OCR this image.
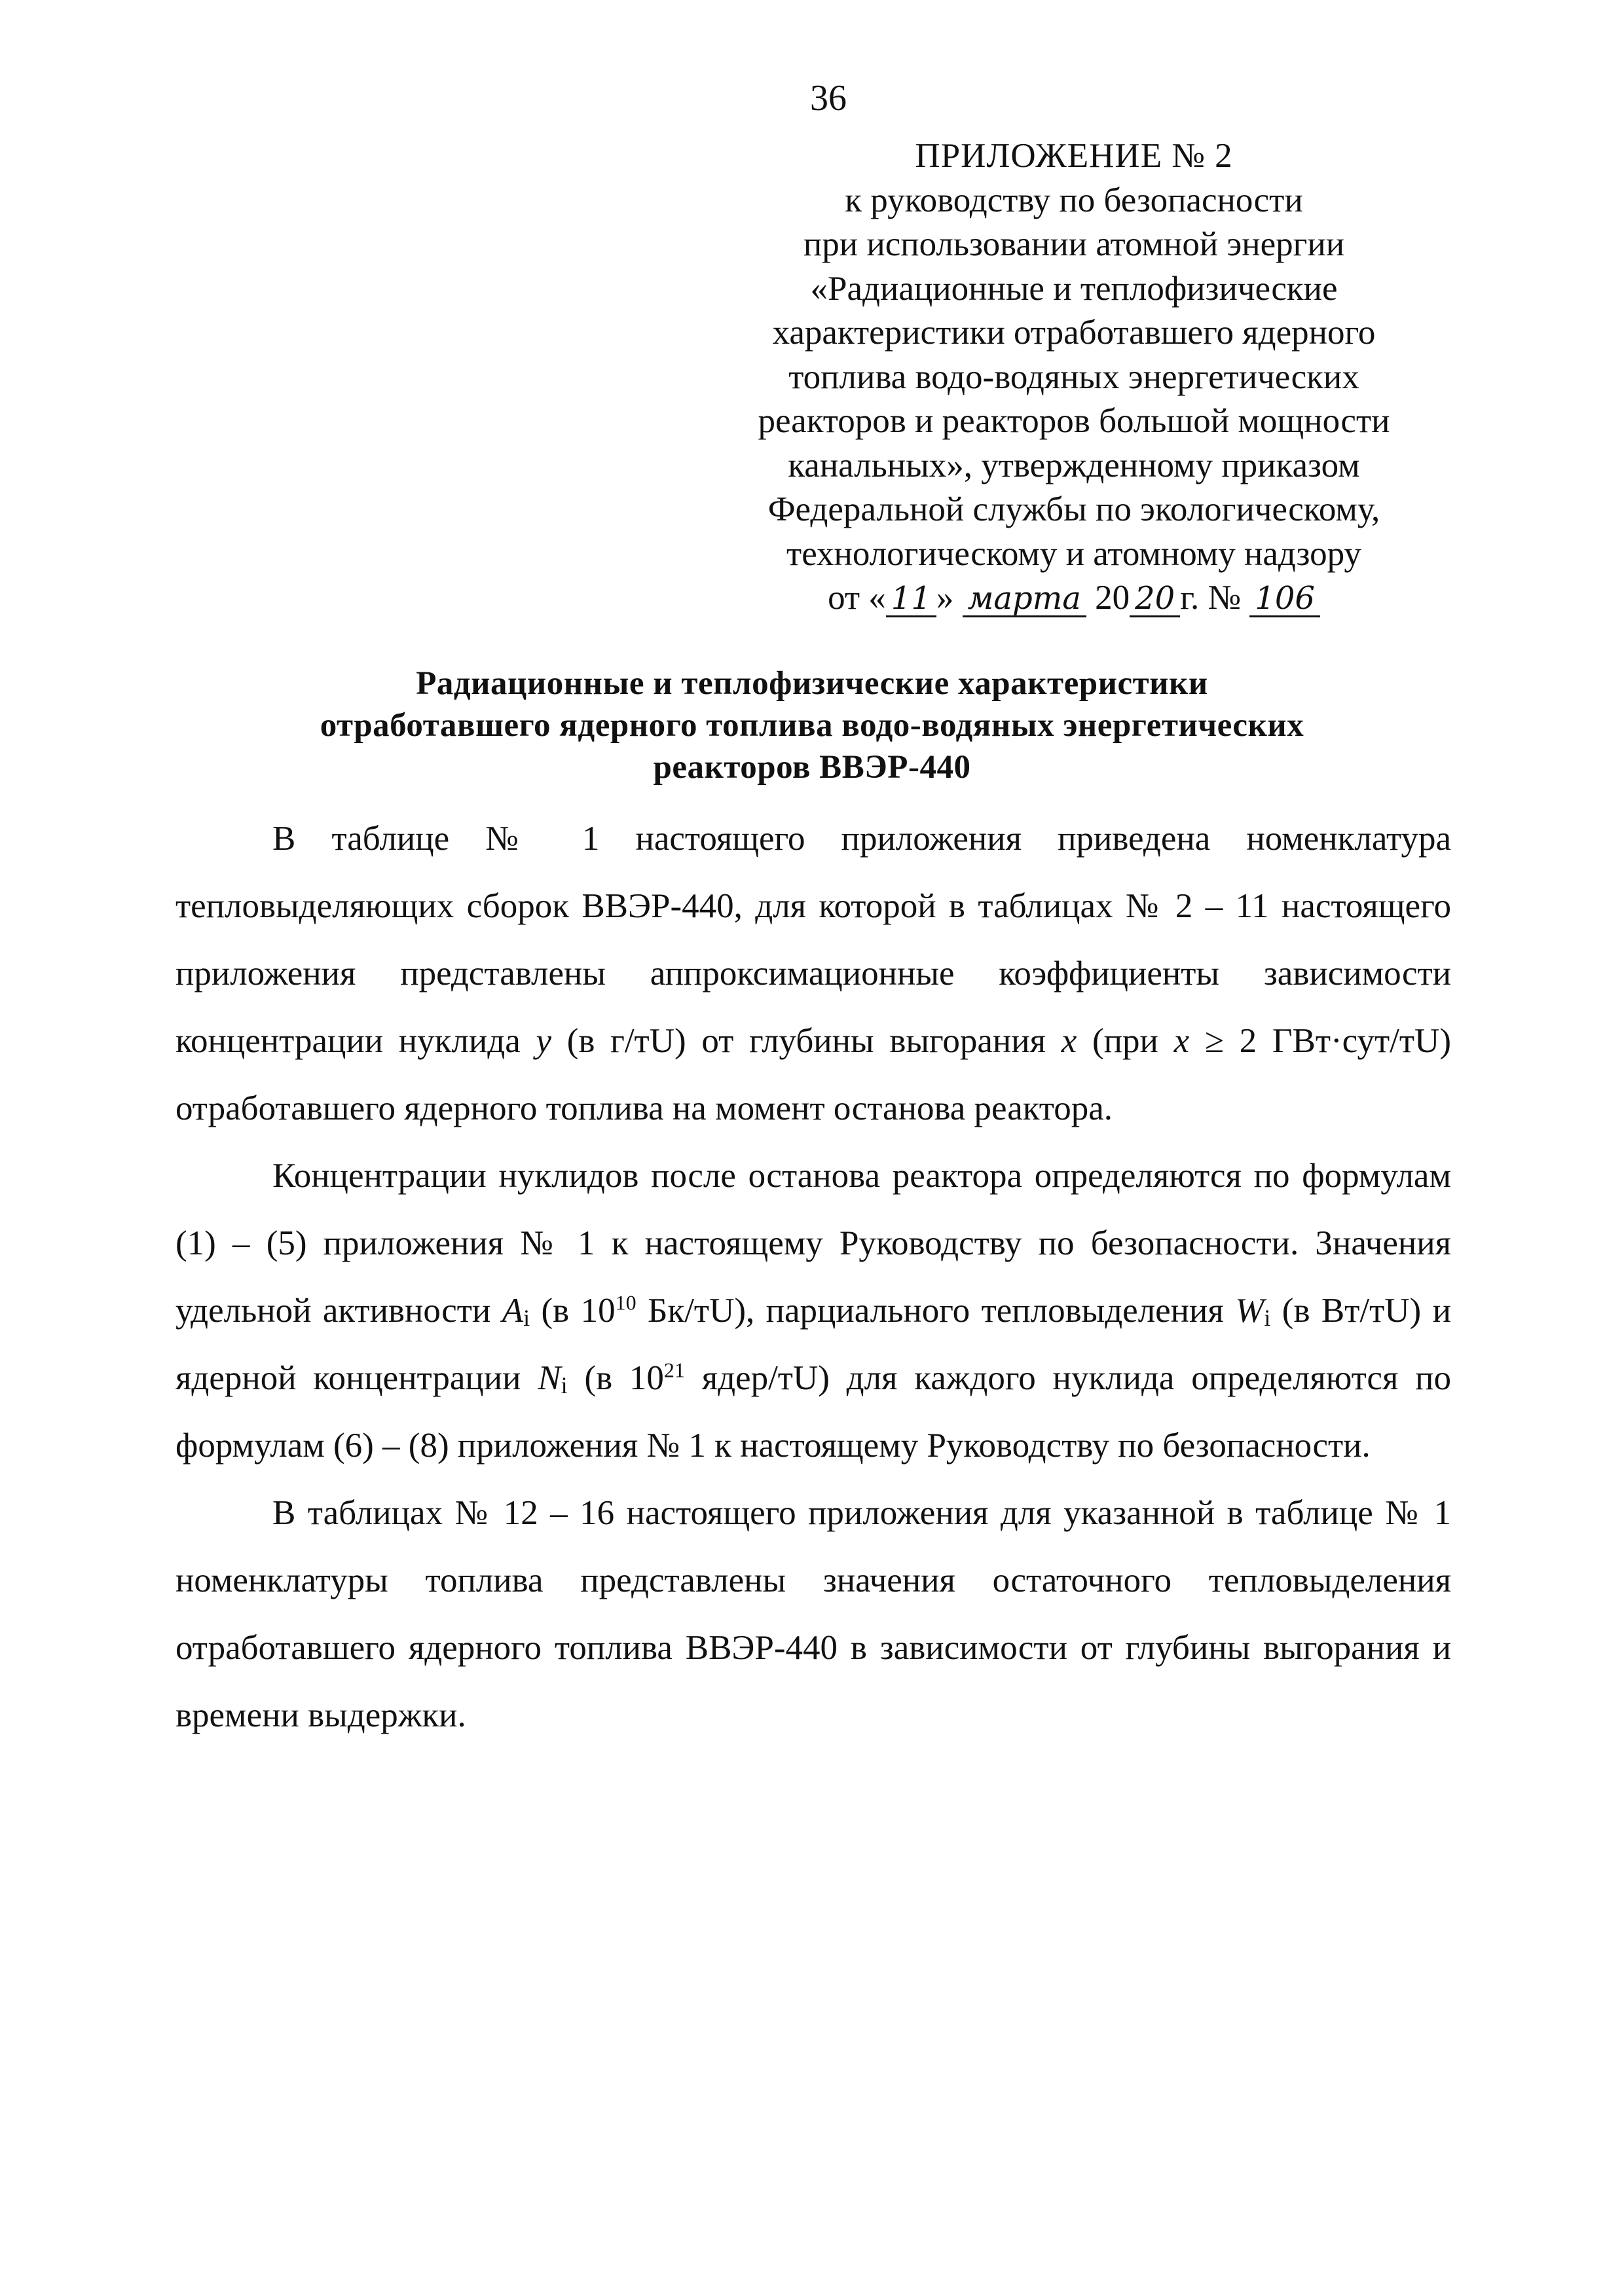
36
ПРИЛОЖЕНИЕ № 2
к руководству по безопасности
при использовании атомной энергии
«Радиационные и теплофизические
характеристики отработавшего ядерного
топлива водо-водяных энергетических
реакторов и реакторов большой мощности
канальных», утвержденному приказом
Федеральной службы по экологическому,
технологическому и атомному надзору
от « 11 » марта 20 20 г. № 106
Радиационные и теплофизические характеристики
отработавшего ядерного топлива водо-водяных энергетических
реакторов ВВЭР-440

В таблице № 1 настоящего приложения приведена номенклатура тепловыделяющих сборок ВВЭР-440, для которой в таблицах № 2 – 11 настоящего приложения представлены аппроксимационные коэффициенты зависимости концентрации нуклида y (в г/тU) от глубины выгорания x (при x ≥ 2 ГВт·сут/тU) отработавшего ядерного топлива на момент останова реактора.

Концентрации нуклидов после останова реактора определяются по формулам (1) – (5) приложения № 1 к настоящему Руководству по безопасности. Значения удельной активности $A_i$ (в $10^{10}$ Бк/тU), парциального тепловыделения $W_i$ (в Вт/тU) и ядерной концентрации $N_i$ (в $10^{21}$ ядер/тU) для каждого нуклида определяются по формулам (6) – (8) приложения № 1 к настоящему Руководству по безопасности.

В таблицах № 12 – 16 настоящего приложения для указанной в таблице № 1 номенклатуры топлива представлены значения остаточного тепловыделения отработавшего ядерного топлива ВВЭР-440 в зависимости от глубины выгорания и времени выдержки.
